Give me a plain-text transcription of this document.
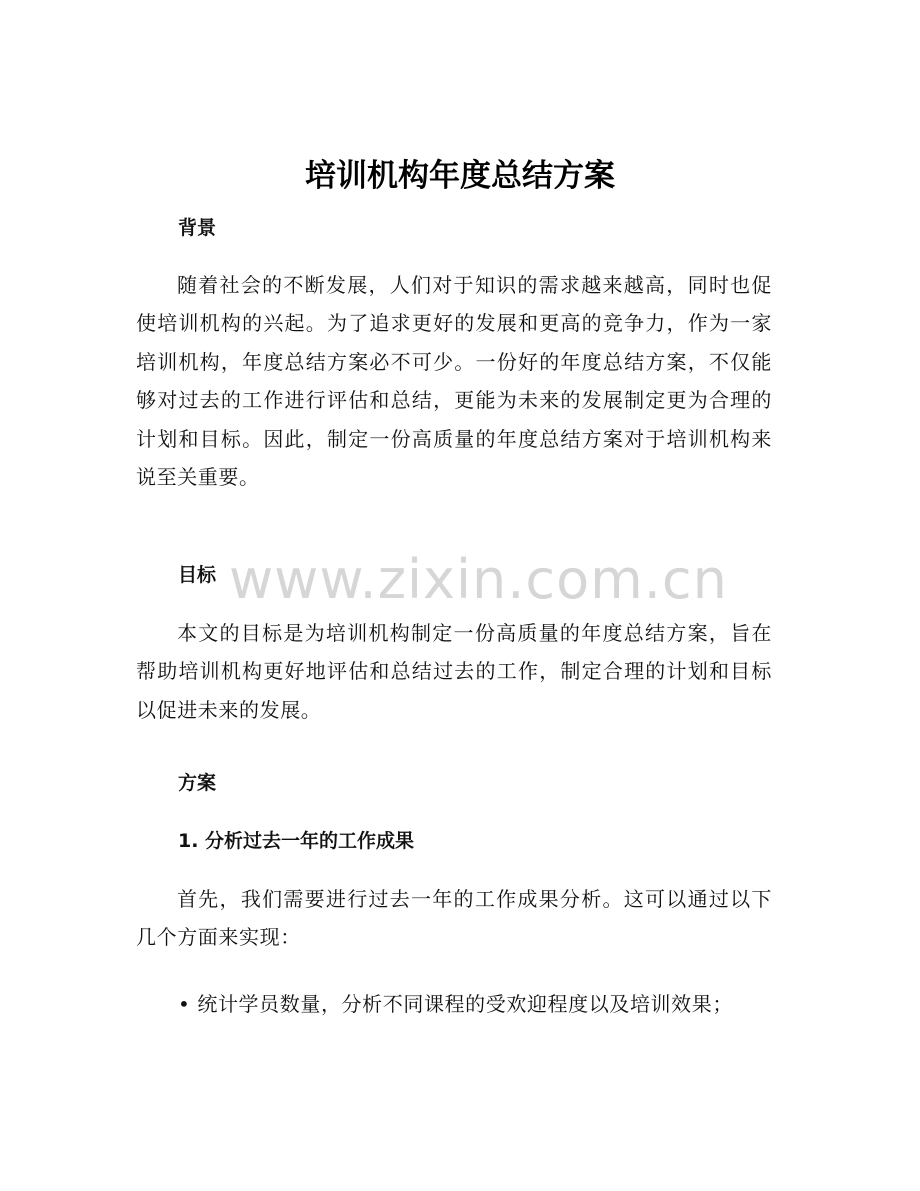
培训机构年度总结方案
背景

随着社会的不断发展，人们对于知识的需求越来越高，同时也促使培训机构的兴起。为了追求更好的发展和更高的竞争力，作为一家培训机构，年度总结方案必不可少。一份好的年度总结方案，不仅能够对过去的工作进行评估和总结，更能为未来的发展制定更为合理的计划和目标。因此，制定一份高质量的年度总结方案对于培训机构来说至关重要。

目标

本文的目标是为培训机构制定一份高质量的年度总结方案，旨在帮助培训机构更好地评估和总结过去的工作，制定合理的计划和目标以促进未来的发展。

方案
1. 分析过去一年的工作成果

首先，我们需要进行过去一年的工作成果分析。这可以通过以下几个方面来实现：

• 统计学员数量，分析不同课程的受欢迎程度以及培训效果；

www.zixin.com.cn
